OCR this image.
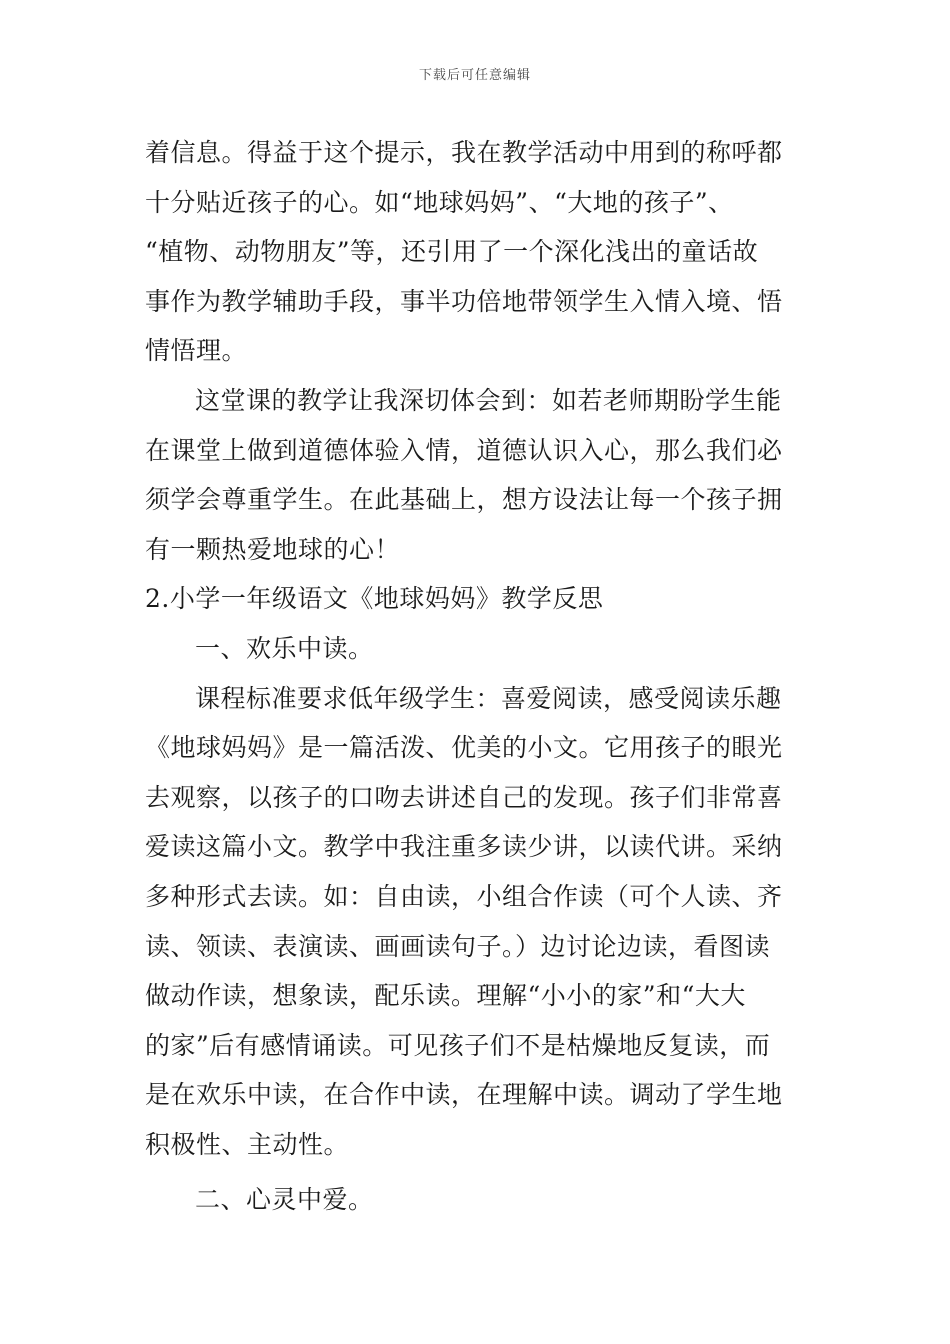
下载后可任意编辑
着信息。得益于这个提示，我在教学活动中用到的称呼都
十分贴近孩子的心。如“地球妈妈”、“大地的孩子”、
“植物、动物朋友”等，还引用了一个深化浅出的童话故
事作为教学辅助手段，事半功倍地带领学生入情入境、悟
情悟理。
这堂课的教学让我深切体会到：如若老师期盼学生能
在课堂上做到道德体验入情，道德认识入心，那么我们必
须学会尊重学生。在此基础上，想方设法让每一个孩子拥
有一颗热爱地球的心！
2.小学一年级语文《地球妈妈》教学反思
一、欢乐中读。
课程标准要求低年级学生：喜爱阅读，感受阅读乐趣
《地球妈妈》是一篇活泼、优美的小文。它用孩子的眼光
去观察，以孩子的口吻去讲述自己的发现。孩子们非常喜
爱读这篇小文。教学中我注重多读少讲，以读代讲。采纳
多种形式去读。如：自由读，小组合作读（可个人读、齐
读、领读、表演读、画画读句子。）边讨论边读，看图读
做动作读，想象读，配乐读。理解“小小的家”和“大大
的家”后有感情诵读。可见孩子们不是枯燥地反复读，而
是在欢乐中读，在合作中读，在理解中读。调动了学生地
积极性、主动性。
二、心灵中爱。
